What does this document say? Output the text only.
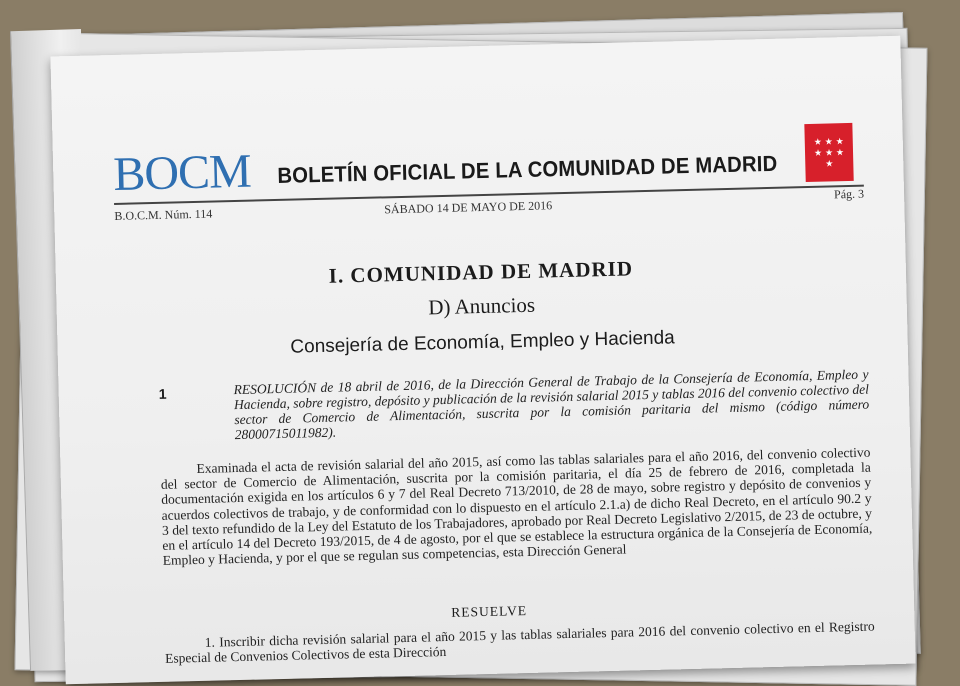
BOCM BOLETÍN OFICIAL DE LA COMUNIDAD DE MADRID
★ ★ ★ ★ ★ ★ ★
B.O.C.M. Núm. 114	SÁBADO 14 DE MAYO DE 2016
Pág. 3
I. COMUNIDAD DE MADRID
D) Anuncios
Consejería de Economía, Empleo y Hacienda
1	RESOLUCIÓN de 18 abril de 2016, de la Dirección General de Trabajo de la Consejería de Economía, Empleo y Hacienda, sobre registro, depósito y publicación de la revisión salarial 2015 y tablas 2016 del convenio colectivo del sector de Comercio de Alimentación, suscrita por la comisión paritaria del mismo (código número 28000715011982).
Examinada el acta de revisión salarial del año 2015, así como las tablas salariales para el año 2016, del convenio colectivo del sector de Comercio de Alimentación, suscrita por la comisión paritaria, el día 25 de febrero de 2016, completada la documentación exigida en los artículos 6 y 7 del Real Decreto 713/2010, de 28 de mayo, sobre registro y depósito de convenios y acuerdos colectivos de trabajo, y de conformidad con lo dispuesto en el artículo 2.1.a) de dicho Real Decreto, en el artículo 90.2 y 3 del texto refundido de la Ley del Estatuto de los Trabajadores, aprobado por Real Decreto Legislativo 2/2015, de 23 de octubre, y en el artículo 14 del Decreto 193/2015, de 4 de agosto, por el que se establece la estructura orgánica de la Consejería de Economía, Empleo y Hacienda, y por el que se regulan sus competencias, esta Dirección General
RESUELVE
1. Inscribir dicha revisión salarial para el año 2015 y las tablas salariales para 2016 del convenio colectivo en el Registro Especial de Convenios Colectivos de esta Dirección
